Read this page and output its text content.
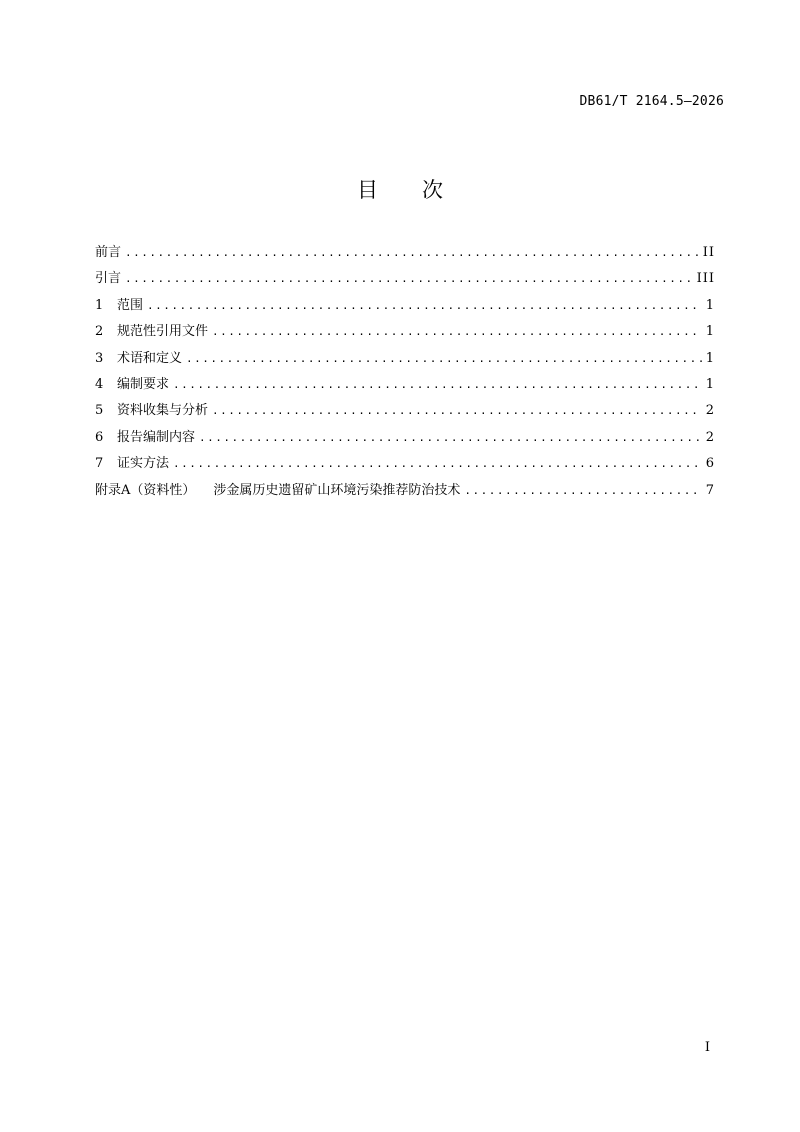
DB61/T 2164.5—2026
目次
前言 .....	II
引言 .....	III
1	范围 .....	1
2	规范性引用文件 .....	1
3	术语和定义 .....	1
4	编制要求 .....	1
5	资料收集与分析 .....	2
6	报告编制内容 .....	2
7	证实方法 .....	6
附录A（资料性） 涉金属历史遗留矿山环境污染推荐防治技术 .....	7
I
